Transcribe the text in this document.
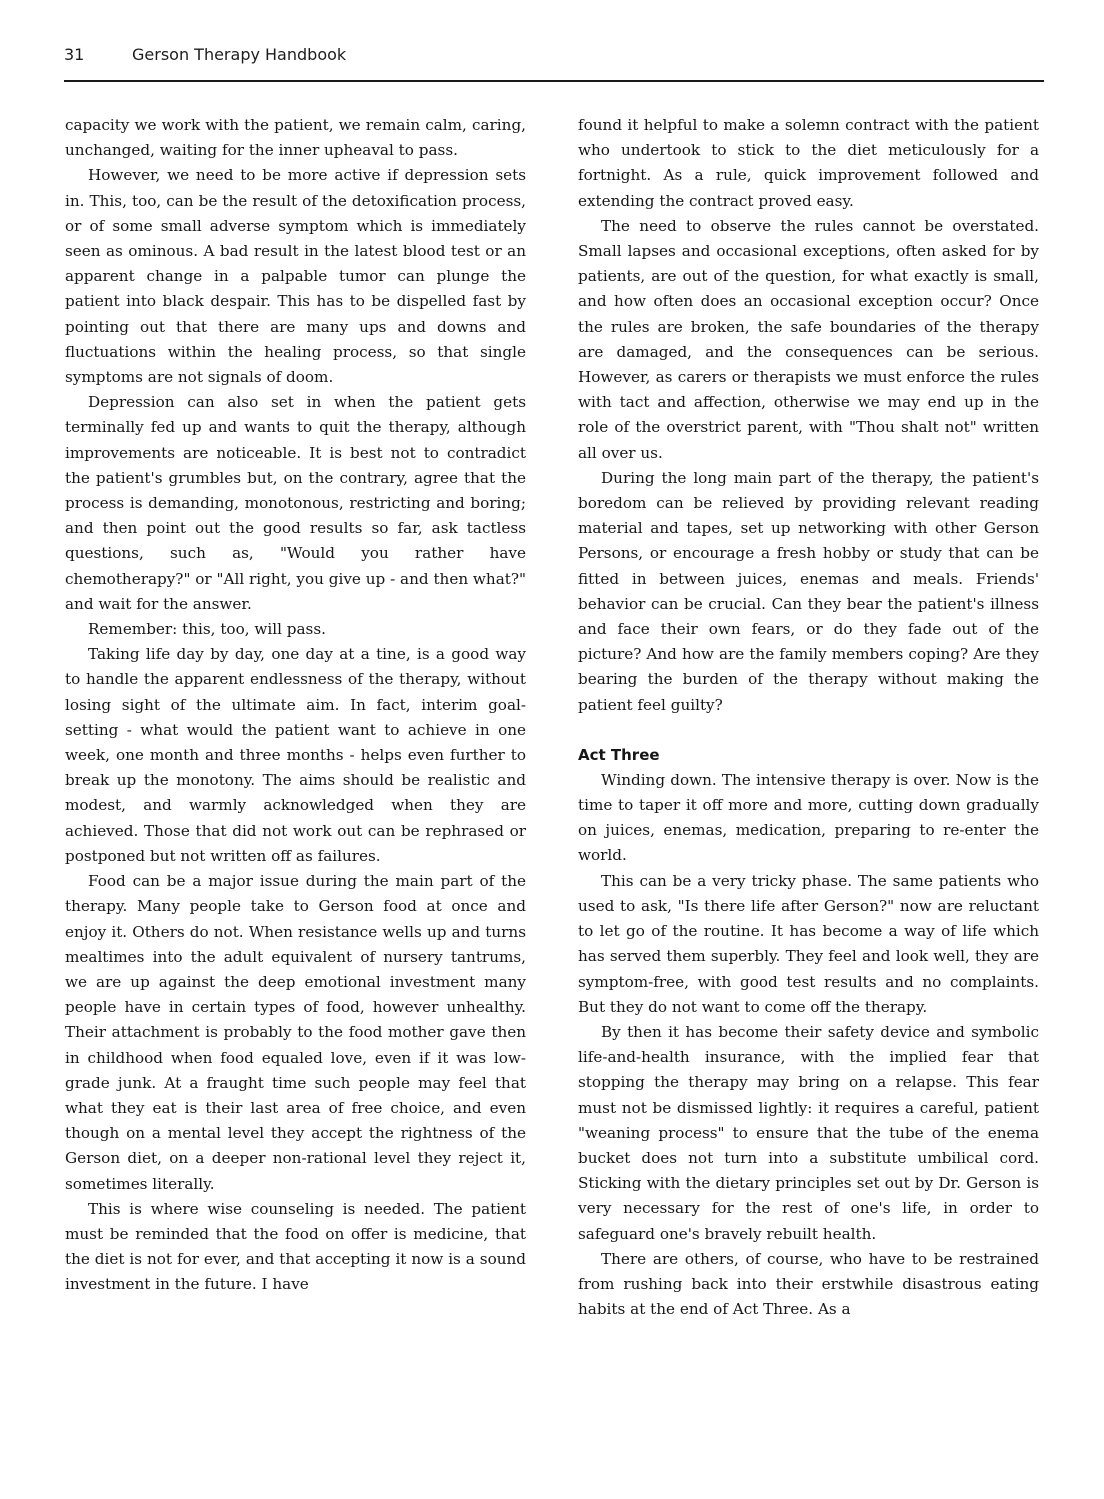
31	Gerson Therapy Handbook

capacity we work with the patient, we remain calm, caring, unchanged, waiting for the inner upheaval to pass.

However, we need to be more active if depression sets in. This, too, can be the result of the detoxification process, or of some small adverse symptom which is immediately seen as ominous. A bad result in the latest blood test or an apparent change in a palpable tumor can plunge the patient into black despair. This has to be dispelled fast by pointing out that there are many ups and downs and fluctuations within the healing process, so that single symptoms are not signals of doom.

Depression can also set in when the patient gets terminally fed up and wants to quit the therapy, although improvements are noticeable. It is best not to contradict the patient's grumbles but, on the contrary, agree that the process is demanding, monotonous, restricting and boring; and then point out the good results so far, ask tactless questions, such as, "Would you rather have chemotherapy?" or "All right, you give up - and then what?" and wait for the answer.

Remember: this, too, will pass.

Taking life day by day, one day at a tine, is a good way to handle the apparent endlessness of the therapy, without losing sight of the ultimate aim. In fact, interim goal-setting - what would the patient want to achieve in one week, one month and three months - helps even further to break up the monotony. The aims should be realistic and modest, and warmly acknowledged when they are achieved. Those that did not work out can be rephrased or postponed but not written off as failures.

Food can be a major issue during the main part of the therapy. Many people take to Gerson food at once and enjoy it. Others do not. When resistance wells up and turns mealtimes into the adult equivalent of nursery tantrums, we are up against the deep emotional investment many people have in certain types of food, however unhealthy. Their attachment is probably to the food mother gave then in childhood when food equaled love, even if it was low-grade junk. At a fraught time such people may feel that what they eat is their last area of free choice, and even though on a mental level they accept the rightness of the Gerson diet, on a deeper non-rational level they reject it, sometimes literally.

This is where wise counseling is needed. The patient must be reminded that the food on offer is medicine, that the diet is not for ever, and that accepting it now is a sound investment in the future. I have

found it helpful to make a solemn contract with the patient who undertook to stick to the diet meticulously for a fortnight. As a rule, quick improvement followed and extending the contract proved easy.

The need to observe the rules cannot be overstated. Small lapses and occasional exceptions, often asked for by patients, are out of the question, for what exactly is small, and how often does an occasional exception occur? Once the rules are broken, the safe boundaries of the therapy are damaged, and the consequences can be serious. However, as carers or therapists we must enforce the rules with tact and affection, otherwise we may end up in the role of the overstrict parent, with "Thou shalt not" written all over us.

During the long main part of the therapy, the patient's boredom can be relieved by providing relevant reading material and tapes, set up networking with other Gerson Persons, or encourage a fresh hobby or study that can be fitted in between juices, enemas and meals. Friends' behavior can be crucial. Can they bear the patient's illness and face their own fears, or do they fade out of the picture? And how are the family members coping? Are they bearing the burden of the therapy without making the patient feel guilty?

Act Three

Winding down. The intensive therapy is over. Now is the time to taper it off more and more, cutting down gradually on juices, enemas, medication, preparing to re-enter the world.

This can be a very tricky phase. The same patients who used to ask, "Is there life after Gerson?" now are reluctant to let go of the routine. It has become a way of life which has served them superbly. They feel and look well, they are symptom-free, with good test results and no complaints. But they do not want to come off the therapy.

By then it has become their safety device and symbolic life-and-health insurance, with the implied fear that stopping the therapy may bring on a relapse. This fear must not be dismissed lightly: it requires a careful, patient "weaning process" to ensure that the tube of the enema bucket does not turn into a substitute umbilical cord. Sticking with the dietary principles set out by Dr. Gerson is very necessary for the rest of one's life, in order to safeguard one's bravely rebuilt health.

There are others, of course, who have to be restrained from rushing back into their erstwhile disastrous eating habits at the end of Act Three. As a
